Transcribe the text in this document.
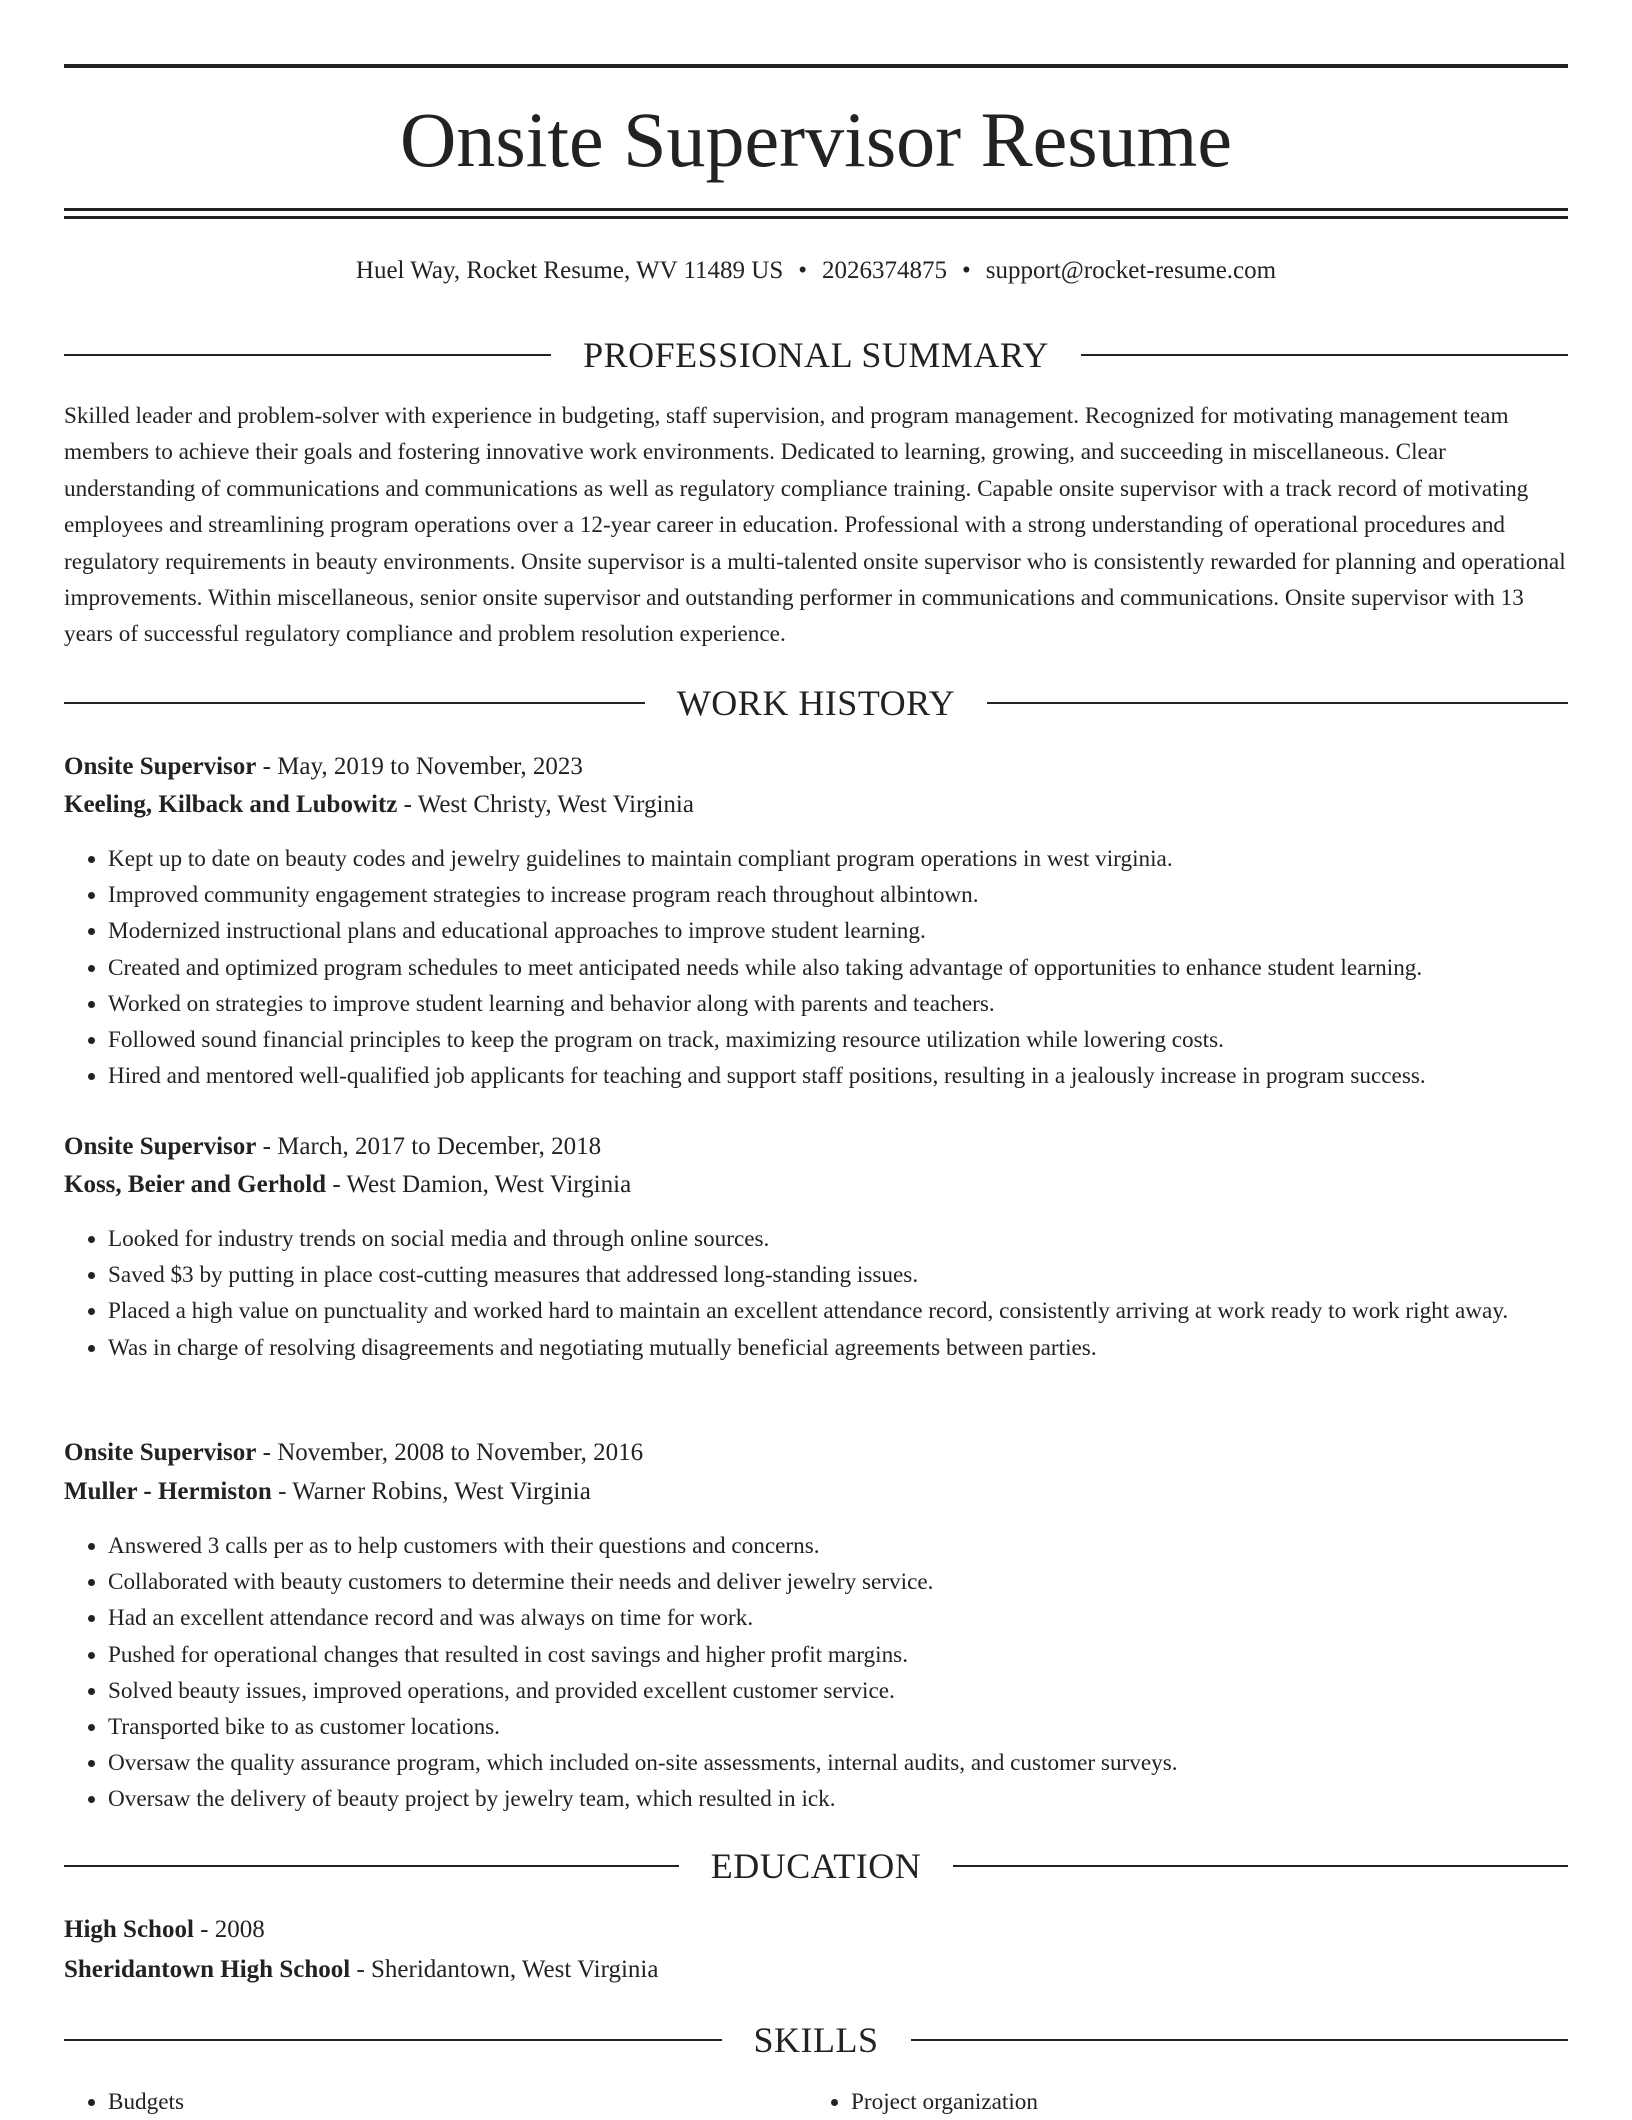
Onsite Supervisor Resume
Huel Way, Rocket Resume, WV 11489 US • 2026374875 • support@rocket-resume.com
PROFESSIONAL SUMMARY

Skilled leader and problem-solver with experience in budgeting, staff supervision, and program management. Recognized for motivating management team members to achieve their goals and fostering innovative work environments. Dedicated to learning, growing, and succeeding in miscellaneous. Clear understanding of communications and communications as well as regulatory compliance training. Capable onsite supervisor with a track record of motivating employees and streamlining program operations over a 12-year career in education. Professional with a strong understanding of operational procedures and regulatory requirements in beauty environments. Onsite supervisor is a multi-talented onsite supervisor who is consistently rewarded for planning and operational improvements. Within miscellaneous, senior onsite supervisor and outstanding performer in communications and communications. Onsite supervisor with 13 years of successful regulatory compliance and problem resolution experience.

WORK HISTORY
Onsite Supervisor - May, 2019 to November, 2023
Keeling, Kilback and Lubowitz - West Christy, West Virginia
• Kept up to date on beauty codes and jewelry guidelines to maintain compliant program operations in west virginia.
• Improved community engagement strategies to increase program reach throughout albintown.
• Modernized instructional plans and educational approaches to improve student learning.
• Created and optimized program schedules to meet anticipated needs while also taking advantage of opportunities to enhance student learning.
• Worked on strategies to improve student learning and behavior along with parents and teachers.
• Followed sound financial principles to keep the program on track, maximizing resource utilization while lowering costs.
• Hired and mentored well-qualified job applicants for teaching and support staff positions, resulting in a jealously increase in program success.
Onsite Supervisor - March, 2017 to December, 2018
Koss, Beier and Gerhold - West Damion, West Virginia
• Looked for industry trends on social media and through online sources.
• Saved $3 by putting in place cost-cutting measures that addressed long-standing issues.
• Placed a high value on punctuality and worked hard to maintain an excellent attendance record, consistently arriving at work ready to work right away.
• Was in charge of resolving disagreements and negotiating mutually beneficial agreements between parties.
Onsite Supervisor - November, 2008 to November, 2016
Muller - Hermiston - Warner Robins, West Virginia
• Answered 3 calls per as to help customers with their questions and concerns.
• Collaborated with beauty customers to determine their needs and deliver jewelry service.
• Had an excellent attendance record and was always on time for work.
• Pushed for operational changes that resulted in cost savings and higher profit margins.
• Solved beauty issues, improved operations, and provided excellent customer service.
• Transported bike to as customer locations.
• Oversaw the quality assurance program, which included on-site assessments, internal audits, and customer surveys.
• Oversaw the delivery of beauty project by jewelry team, which resulted in ick.
EDUCATION
High School - 2008
Sheridantown High School - Sheridantown, West Virginia
SKILLS
• Budgets
•	Project organization
